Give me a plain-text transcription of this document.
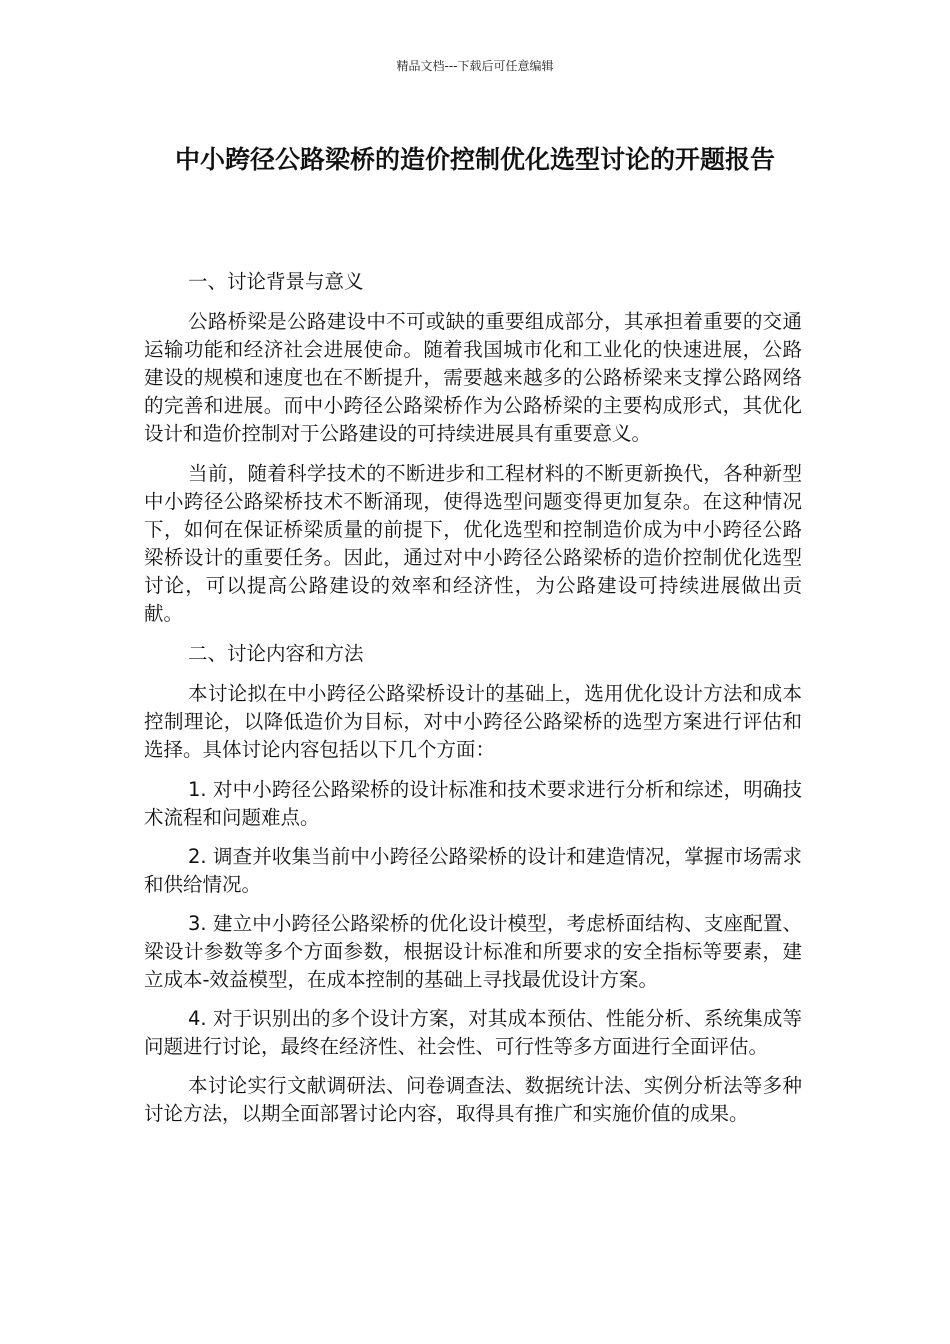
精品文档---下载后可任意编辑
中小跨径公路梁桥的造价控制优化选型讨论的开题报告

一、讨论背景与意义

公路桥梁是公路建设中不可或缺的重要组成部分，其承担着重要的交通运输功能和经济社会进展使命。随着我国城市化和工业化的快速进展，公路建设的规模和速度也在不断提升，需要越来越多的公路桥梁来支撑公路网络的完善和进展。而中小跨径公路梁桥作为公路桥梁的主要构成形式，其优化设计和造价控制对于公路建设的可持续进展具有重要意义。

当前，随着科学技术的不断进步和工程材料的不断更新换代，各种新型中小跨径公路梁桥技术不断涌现，使得选型问题变得更加复杂。在这种情况下，如何在保证桥梁质量的前提下，优化选型和控制造价成为中小跨径公路梁桥设计的重要任务。因此，通过对中小跨径公路梁桥的造价控制优化选型讨论，可以提高公路建设的效率和经济性，为公路建设可持续进展做出贡献。

二、讨论内容和方法

本讨论拟在中小跨径公路梁桥设计的基础上，选用优化设计方法和成本控制理论，以降低造价为目标，对中小跨径公路梁桥的选型方案进行评估和选择。具体讨论内容包括以下几个方面：

1. 对中小跨径公路梁桥的设计标准和技术要求进行分析和综述，明确技术流程和问题难点。

2. 调查并收集当前中小跨径公路梁桥的设计和建造情况，掌握市场需求和供给情况。

3. 建立中小跨径公路梁桥的优化设计模型，考虑桥面结构、支座配置、梁设计参数等多个方面参数，根据设计标准和所要求的安全指标等要素，建立成本-效益模型，在成本控制的基础上寻找最优设计方案。

4. 对于识别出的多个设计方案，对其成本预估、性能分析、系统集成等问题进行讨论，最终在经济性、社会性、可行性等多方面进行全面评估。

本讨论实行文献调研法、问卷调查法、数据统计法、实例分析法等多种讨论方法，以期全面部署讨论内容，取得具有推广和实施价值的成果。
